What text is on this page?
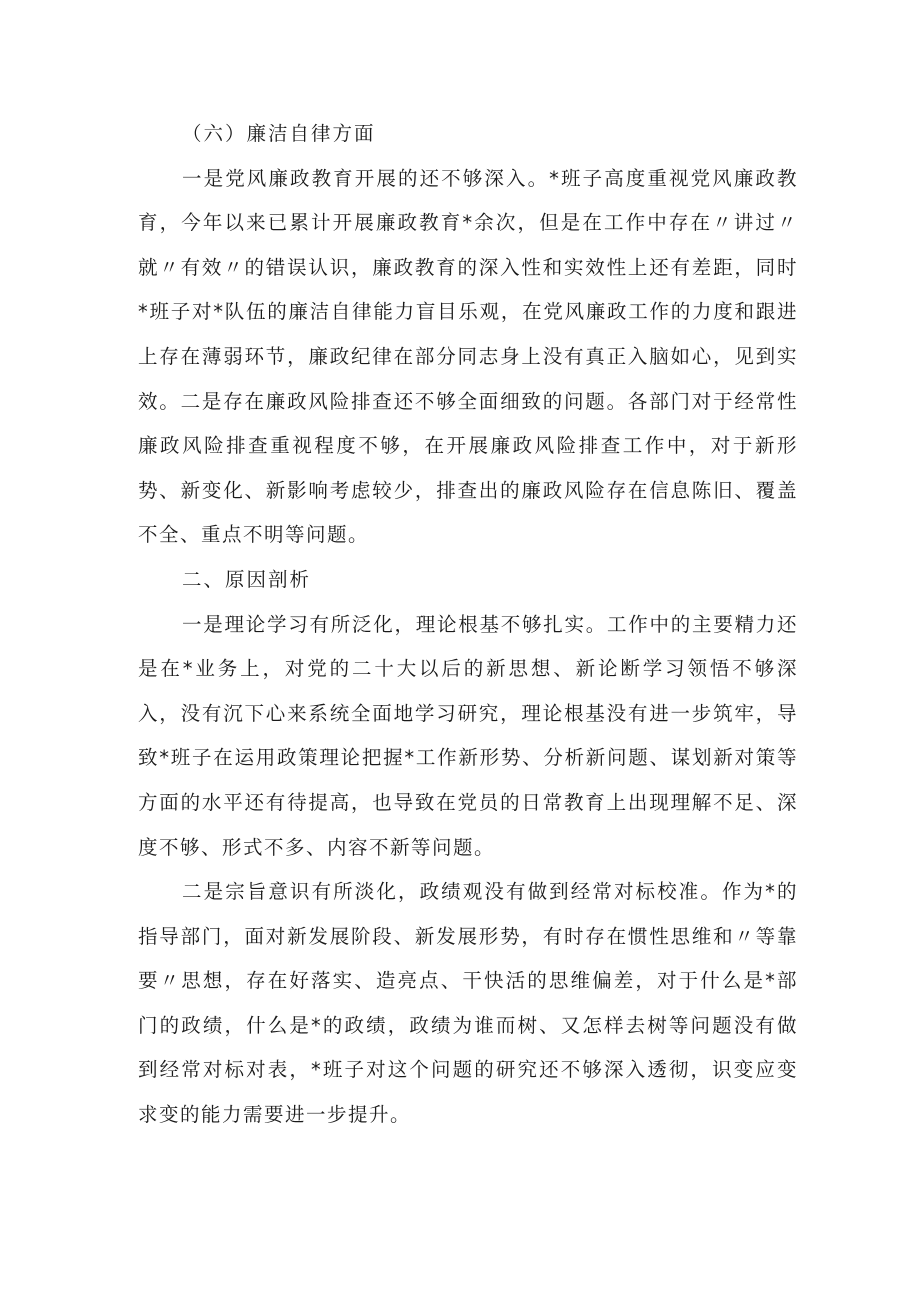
（六）廉洁自律方面

一是党风廉政教育开展的还不够深入。*班子高度重视党风廉政教育，今年以来已累计开展廉政教育*余次，但是在工作中存在〃讲过〃就〃有效〃的错误认识，廉政教育的深入性和实效性上还有差距，同时*班子对*队伍的廉洁自律能力盲目乐观，在党风廉政工作的力度和跟进上存在薄弱环节，廉政纪律在部分同志身上没有真正入脑如心，见到实效。二是存在廉政风险排查还不够全面细致的问题。各部门对于经常性廉政风险排查重视程度不够，在开展廉政风险排查工作中，对于新形势、新变化、新影响考虑较少，排查出的廉政风险存在信息陈旧、覆盖不全、重点不明等问题。

二、原因剖析

一是理论学习有所泛化，理论根基不够扎实。工作中的主要精力还是在*业务上，对党的二十大以后的新思想、新论断学习领悟不够深入，没有沉下心来系统全面地学习研究，理论根基没有进一步筑牢，导致*班子在运用政策理论把握*工作新形势、分析新问题、谋划新对策等方面的水平还有待提高，也导致在党员的日常教育上出现理解不足、深度不够、形式不多、内容不新等问题。

二是宗旨意识有所淡化，政绩观没有做到经常对标校准。作为*的指导部门，面对新发展阶段、新发展形势，有时存在惯性思维和〃等靠要〃思想，存在好落实、造亮点、干快活的思维偏差，对于什么是*部门的政绩，什么是*的政绩，政绩为谁而树、又怎样去树等问题没有做到经常对标对表，*班子对这个问题的研究还不够深入透彻，识变应变求变的能力需要进一步提升。
